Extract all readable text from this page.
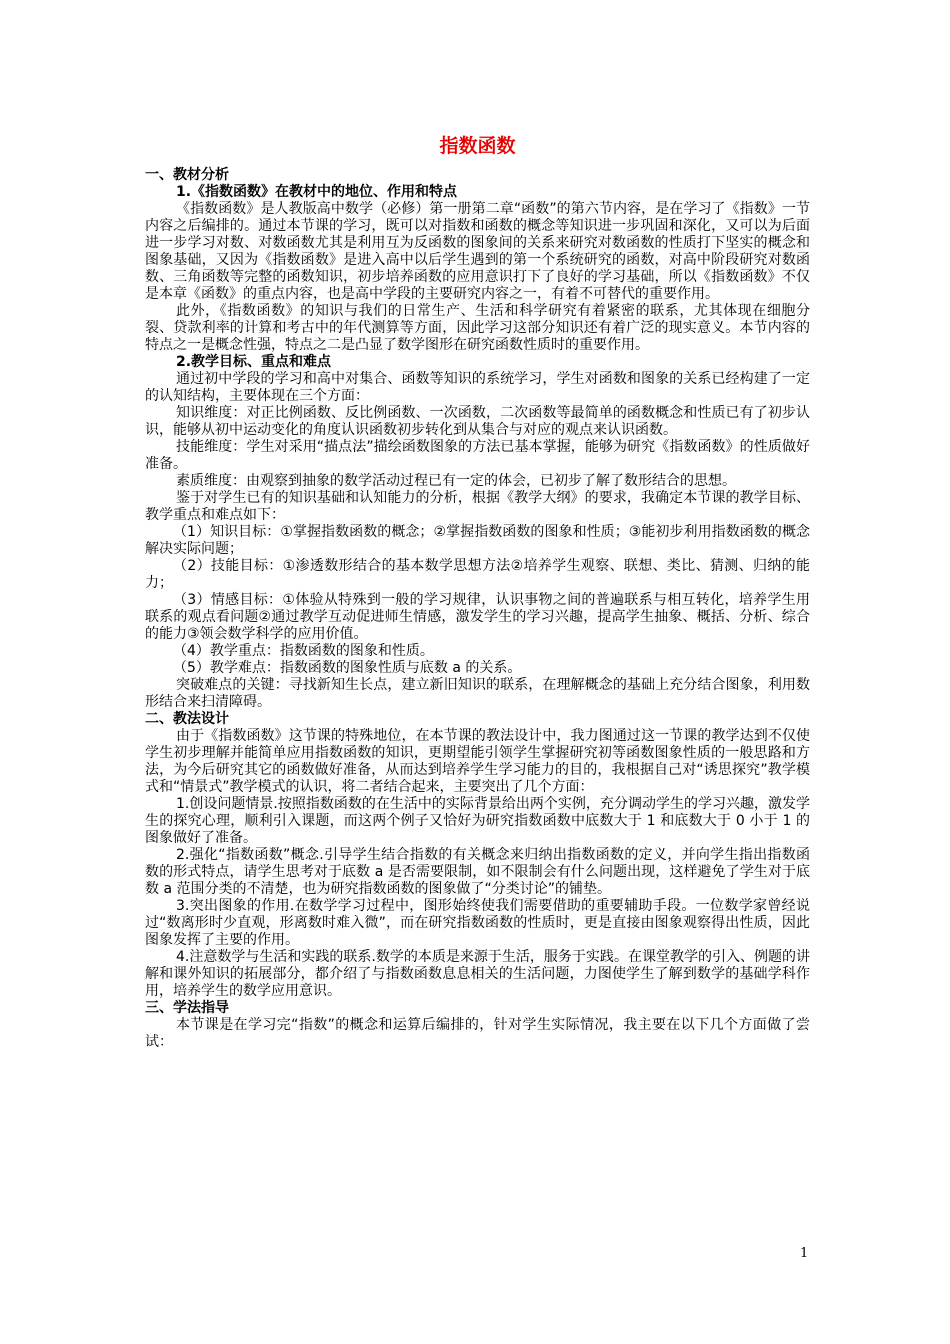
指数函数
一、教材分析
1.《指数函数》在教材中的地位、作用和特点

《指数函数》是人教版高中数学（必修）第一册第二章“函数”的第六节内容，是在学习了《指数》一节内容之后编排的。通过本节课的学习，既可以对指数和函数的概念等知识进一步巩固和深化，又可以为后面进一步学习对数、对数函数尤其是利用互为反函数的图象间的关系来研究对数函数的性质打下坚实的概念和图象基础，又因为《指数函数》是进入高中以后学生遇到的第一个系统研究的函数，对高中阶段研究对数函数、三角函数等完整的函数知识，初步培养函数的应用意识打下了良好的学习基础，所以《指数函数》不仅是本章《函数》的重点内容，也是高中学段的主要研究内容之一，有着不可替代的重要作用。

此外，《指数函数》的知识与我们的日常生产、生活和科学研究有着紧密的联系，尤其体现在细胞分裂、贷款利率的计算和考古中的年代测算等方面，因此学习这部分知识还有着广泛的现实意义。本节内容的特点之一是概念性强，特点之二是凸显了数学图形在研究函数性质时的重要作用。

2.教学目标、重点和难点

通过初中学段的学习和高中对集合、函数等知识的系统学习，学生对函数和图象的关系已经构建了一定的认知结构，主要体现在三个方面：

知识维度：对正比例函数、反比例函数、一次函数，二次函数等最简单的函数概念和性质已有了初步认识，能够从初中运动变化的角度认识函数初步转化到从集合与对应的观点来认识函数。

技能维度：学生对采用“描点法”描绘函数图象的方法已基本掌握，能够为研究《指数函数》的性质做好准备。

素质维度：由观察到抽象的数学活动过程已有一定的体会，已初步了解了数形结合的思想。

鉴于对学生已有的知识基础和认知能力的分析，根据《教学大纲》的要求，我确定本节课的教学目标、教学重点和难点如下：

（1）知识目标：①掌握指数函数的概念；②掌握指数函数的图象和性质；③能初步利用指数函数的概念解决实际问题；

（2）技能目标：①渗透数形结合的基本数学思想方法②培养学生观察、联想、类比、猜测、归纳的能力；

（3）情感目标：①体验从特殊到一般的学习规律，认识事物之间的普遍联系与相互转化，培养学生用联系的观点看问题②通过教学互动促进师生情感，激发学生的学习兴趣，提高学生抽象、概括、分析、综合的能力③领会数学科学的应用价值。

（4）教学重点：指数函数的图象和性质。

（5）教学难点：指数函数的图象性质与底数 a 的关系。

突破难点的关键：寻找新知生长点，建立新旧知识的联系，在理解概念的基础上充分结合图象，利用数形结合来扫清障碍。

二、教法设计

由于《指数函数》这节课的特殊地位，在本节课的教法设计中，我力图通过这一节课的教学达到不仅使学生初步理解并能简单应用指数函数的知识，更期望能引领学生掌握研究初等函数图象性质的一般思路和方法，为今后研究其它的函数做好准备，从而达到培养学生学习能力的目的，我根据自己对“诱思探究”教学模式和“情景式”教学模式的认识，将二者结合起来，主要突出了几个方面：

1.创设问题情景.按照指数函数的在生活中的实际背景给出两个实例，充分调动学生的学习兴趣，激发学生的探究心理，顺利引入课题，而这两个例子又恰好为研究指数函数中底数大于 1 和底数大于 0 小于 1 的图象做好了准备。

2.强化“指数函数”概念.引导学生结合指数的有关概念来归纳出指数函数的定义，并向学生指出指数函数的形式特点，请学生思考对于底数 a 是否需要限制，如不限制会有什么问题出现，这样避免了学生对于底数 a 范围分类的不清楚，也为研究指数函数的图象做了“分类讨论”的铺垫。

3.突出图象的作用.在数学学习过程中，图形始终使我们需要借助的重要辅助手段。一位数学家曾经说过“数离形时少直观，形离数时难入微”，而在研究指数函数的性质时，更是直接由图象观察得出性质，因此图象发挥了主要的作用。

4.注意数学与生活和实践的联系.数学的本质是来源于生活，服务于实践。在课堂教学的引入、例题的讲解和课外知识的拓展部分，都介绍了与指数函数息息相关的生活问题，力图使学生了解到数学的基础学科作用，培养学生的数学应用意识。

三、学法指导

本节课是在学习完“指数”的概念和运算后编排的，针对学生实际情况，我主要在以下几个方面做了尝试：

1
